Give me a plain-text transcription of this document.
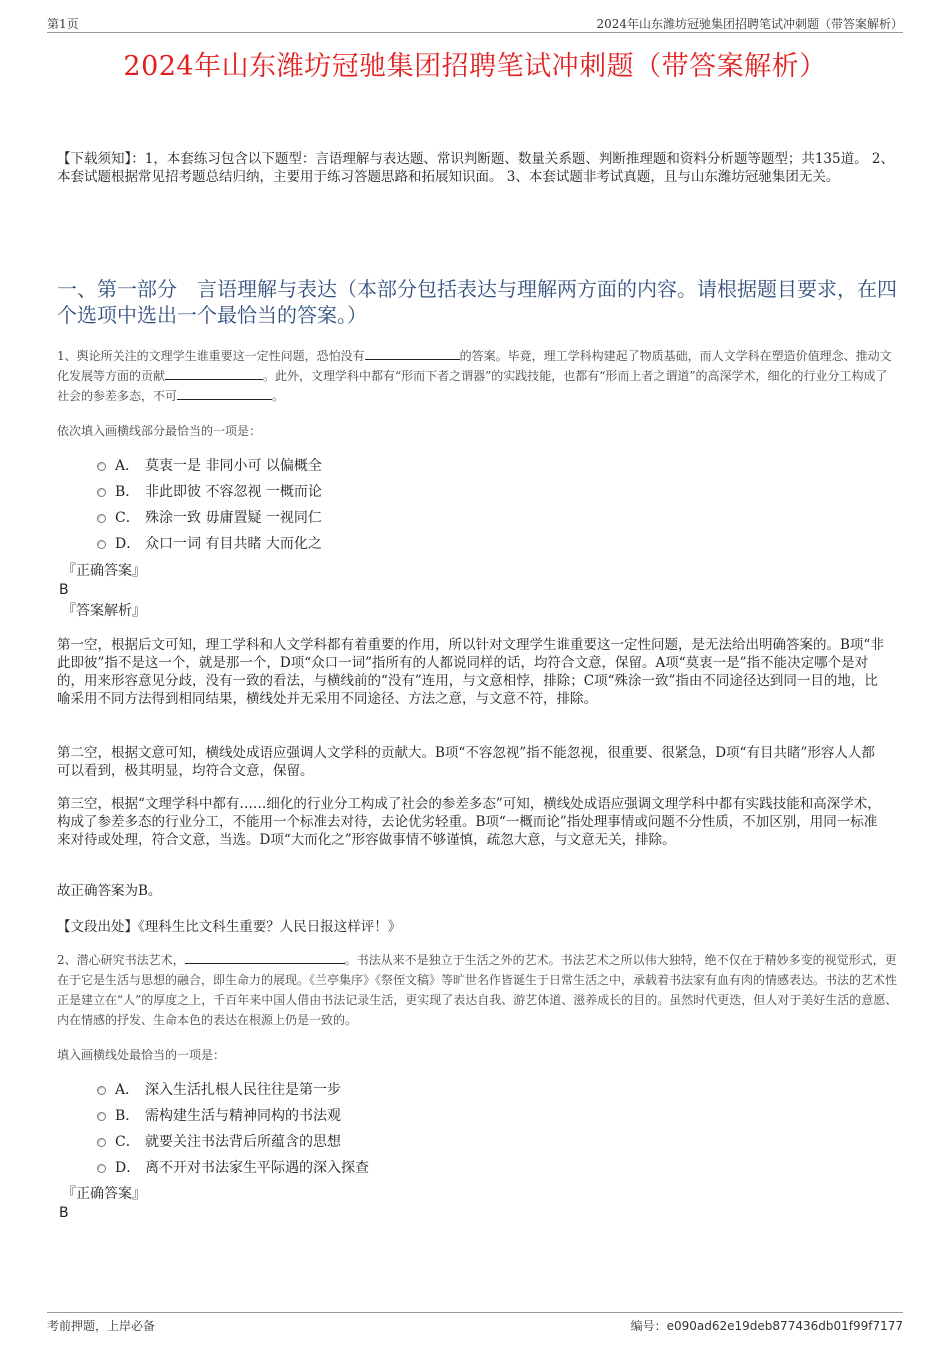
第1页	2024年山东潍坊冠驰集团招聘笔试冲刺题（带答案解析）
2024年山东潍坊冠驰集团招聘笔试冲刺题（带答案解析）
【下载须知】：1，本套练习包含以下题型：言语理解与表达题、常识判断题、数量关系题、判断推理题和资料分析题等题型；共135道。 2、本套试题根据常见招考题总结归纳，主要用于练习答题思路和拓展知识面。 3、本套试题非考试真题，且与山东潍坊冠驰集团无关。
一、第一部分　言语理解与表达（本部分包括表达与理解两方面的内容。请根据题目要求，在四个选项中选出一个最恰当的答案。）
1、舆论所关注的文理学生谁重要这一定性问题，恐怕没有	的答案。毕竟，理工学科构建起了物质基础，而人文学科在塑造价值理念、推动文化发展等方面的贡献	。此外，文理学科中都有“形而下者之谓器”的实践技能，也都有“形而上者之谓道”的高深学术，细化的行业分工构成了社会的参差多态，不可	。
依次填入画横线部分最恰当的一项是：
A． 莫衷一是 非同小可 以偏概全
B． 非此即彼 不容忽视 一概而论
C． 殊涂一致 毋庸置疑 一视同仁
D． 众口一词 有目共睹 大而化之
『正确答案』
B
『答案解析』
第一空，根据后文可知，理工学科和人文学科都有着重要的作用，所以针对文理学生谁重要这一定性问题，是无法给出明确答案的。B项“非此即彼”指不是这一个，就是那一个，D项“众口一词”指所有的人都说同样的话，均符合文意，保留。A项“莫衷一是”指不能决定哪个是对的，用来形容意见分歧，没有一致的看法，与横线前的“没有”连用，与文意相悖，排除；C项“殊涂一致”指由不同途径达到同一目的地，比喻采用不同方法得到相同结果，横线处并无采用不同途径、方法之意，与文意不符，排除。
第二空，根据文意可知，横线处成语应强调人文学科的贡献大。B项“不容忽视”指不能忽视，很重要、很紧急，D项“有目共睹”形容人人都可以看到，极其明显，均符合文意，保留。
第三空，根据“文理学科中都有……细化的行业分工构成了社会的参差多态”可知，横线处成语应强调文理学科中都有实践技能和高深学术，构成了参差多态的行业分工，不能用一个标准去对待，去论优劣轻重。B项“一概而论”指处理事情或问题不分性质，不加区别，用同一标准来对待或处理，符合文意，当选。D项“大而化之”形容做事情不够谨慎，疏忽大意，与文意无关，排除。
故正确答案为B。
【文段出处】《理科生比文科生重要？人民日报这样评！》
2、潜心研究书法艺术，	。书法从来不是独立于生活之外的艺术。书法艺术之所以伟大独特，绝不仅在于精妙多变的视觉形式，更在于它是生活与思想的融合，即生命力的展现。《兰亭集序》《祭侄文稿》等旷世名作皆诞生于日常生活之中，承载着书法家有血有肉的情感表达。书法的艺术性正是建立在“人”的厚度之上，千百年来中国人借由书法记录生活，更实现了表达自我、游艺体道、滋养成长的目的。虽然时代更迭，但人对于美好生活的意愿、内在情感的抒发、生命本色的表达在根源上仍是一致的。
填入画横线处最恰当的一项是：
A． 深入生活扎根人民往往是第一步
B． 需构建生活与精神同构的书法观
C． 就要关注书法背后所蕴含的思想
D． 离不开对书法家生平际遇的深入探查
『正确答案』
B
考前押题，上岸必备	编号：e090ad62e19deb877436db01f99f7177
